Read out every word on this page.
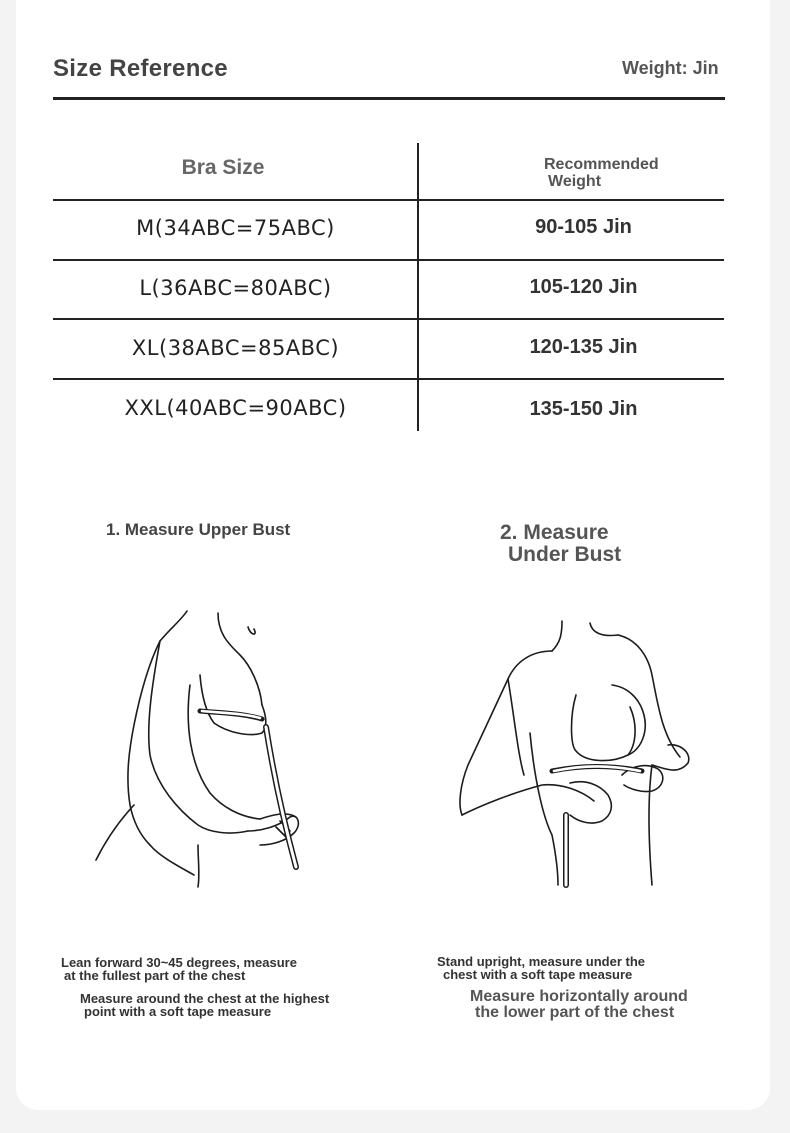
Size Reference	Weight: Jin
Bra Size	Recommended
Weight
M(34ABC=75ABC)	90-105 Jin
L(36ABC=80ABC)	105-120 Jin
XL(38ABC=85ABC)	120-135 Jin
XXL(40ABC=90ABC)	135-150 Jin
1. Measure Upper Bust
Lean forward 30~45 degrees, measure
at the fullest part of the chest
Measure around the chest at the highest
point with a soft tape measure
2. Measure
Under Bust
Stand upright, measure under the
chest with a soft tape measure
Measure horizontally around
the lower part of the chest
